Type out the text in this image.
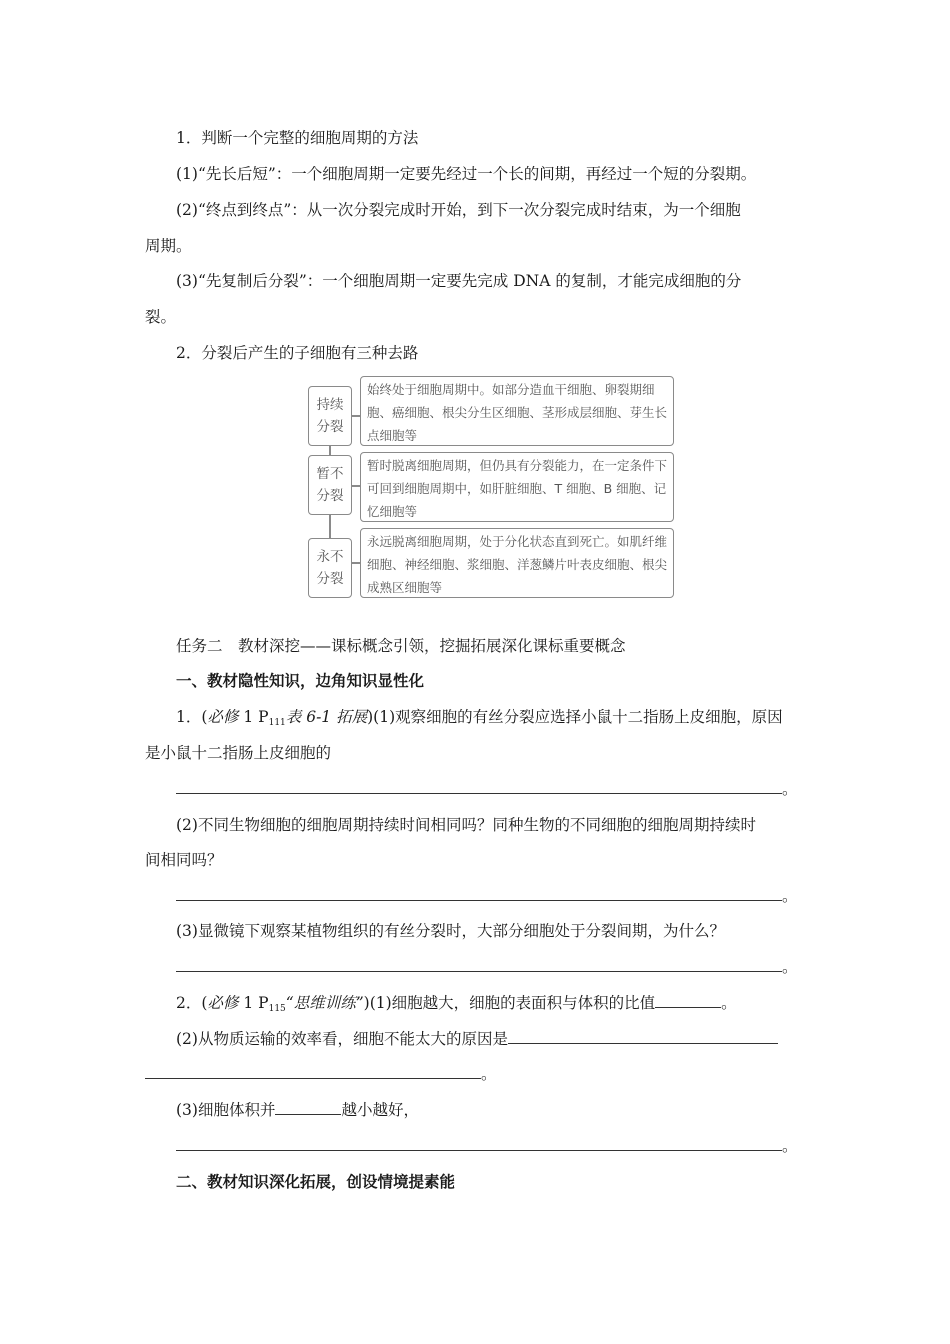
1．判断一个完整的细胞周期的方法
(1)“先长后短”：一个细胞周期一定要先经过一个长的间期，再经过一个短的分裂期。
(2)“终点到终点”：从一次分裂完成时开始，到下一次分裂完成时结束，为一个细胞
周期。
(3)“先复制后分裂”：一个细胞周期一定要先完成 DNA 的复制，才能完成细胞的分
裂。
2．分裂后产生的子细胞有三种去路
持续
分裂
始终处于细胞周期中。如部分造血干细胞、卵裂期细胞、癌细胞、根尖分生区细胞、茎形成层细胞、芽生长点细胞等
暂不
分裂
暂时脱离细胞周期，但仍具有分裂能力，在一定条件下可回到细胞周期中，如肝脏细胞、T 细胞、B 细胞、记忆细胞等
永不
分裂
永远脱离细胞周期，处于分化状态直到死亡。如肌纤维细胞、神经细胞、浆细胞、洋葱鳞片叶表皮细胞、根尖成熟区细胞等
任务二　教材深挖——课标概念引领，挖掘拓展深化课标重要概念
一、教材隐性知识，边角知识显性化
1．(必修 1 $P_{111}$表 6-1 拓展)(1)观察细胞的有丝分裂应选择小鼠十二指肠上皮细胞，原因
是小鼠十二指肠上皮细胞的
。
(2)不同生物细胞的细胞周期持续时间相同吗？同种生物的不同细胞的细胞周期持续时
间相同吗？
。
(3)显微镜下观察某植物组织的有丝分裂时，大部分细胞处于分裂间期，为什么？
。
2．(必修 1 $P_{115}“$思维训练”)(1)细胞越大，细胞的表面积与体积的比值	。
(2)从物质运输的效率看，细胞不能太大的原因是
。
(3)细胞体积并	越小越好，
。
二、教材知识深化拓展，创设情境提素能
